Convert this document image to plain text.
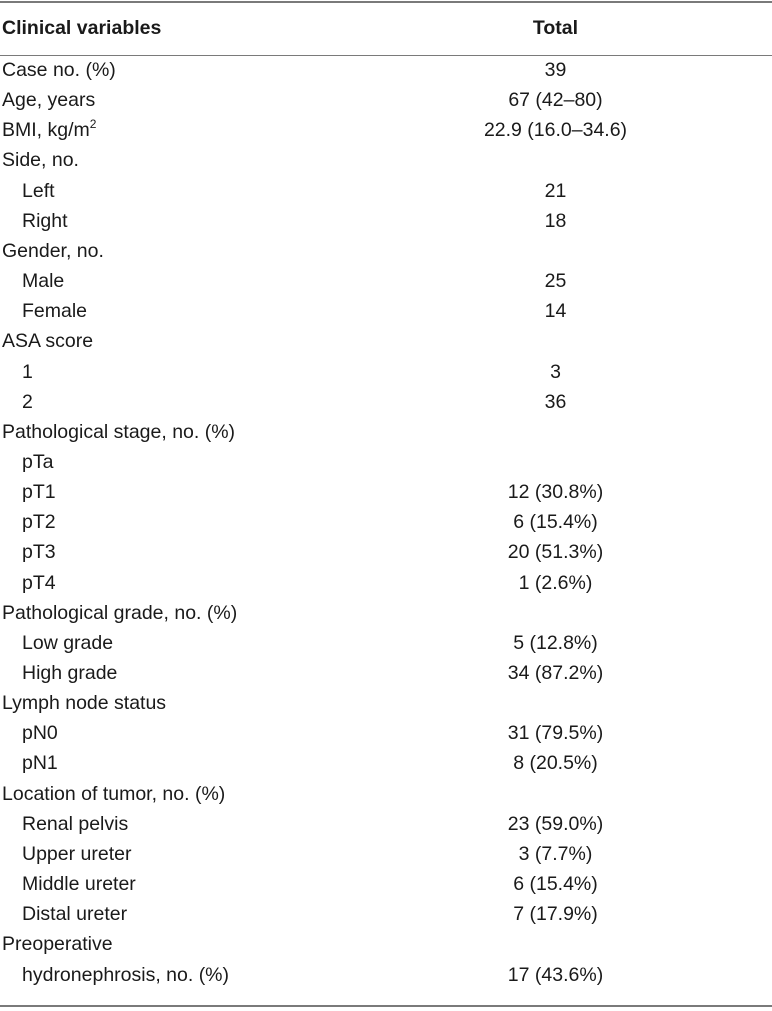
Clinical variables	Total
Case no. (%)	39
Age, years	67 (42–80)
BMI, $kg/m^2$	22.9 (16.0–34.6)
Side, no.
Left	21
Right	18
Gender, no.
Male	25
Female	14
ASA score
1	3
2	36
Pathological stage, no. (%)
pTa
pT1	12 (30.8%)
pT2	6 (15.4%)
pT3	20 (51.3%)
pT4	1 (2.6%)
Pathological grade, no. (%)
Low grade	5 (12.8%)
High grade	34 (87.2%)
Lymph node status
pN0	31 (79.5%)
pN1	8 (20.5%)
Location of tumor, no. (%)
Renal pelvis	23 (59.0%)
Upper ureter	3 (7.7%)
Middle ureter	6 (15.4%)
Distal ureter	7 (17.9%)
Preoperative
hydronephrosis, no. (%)	17 (43.6%)
